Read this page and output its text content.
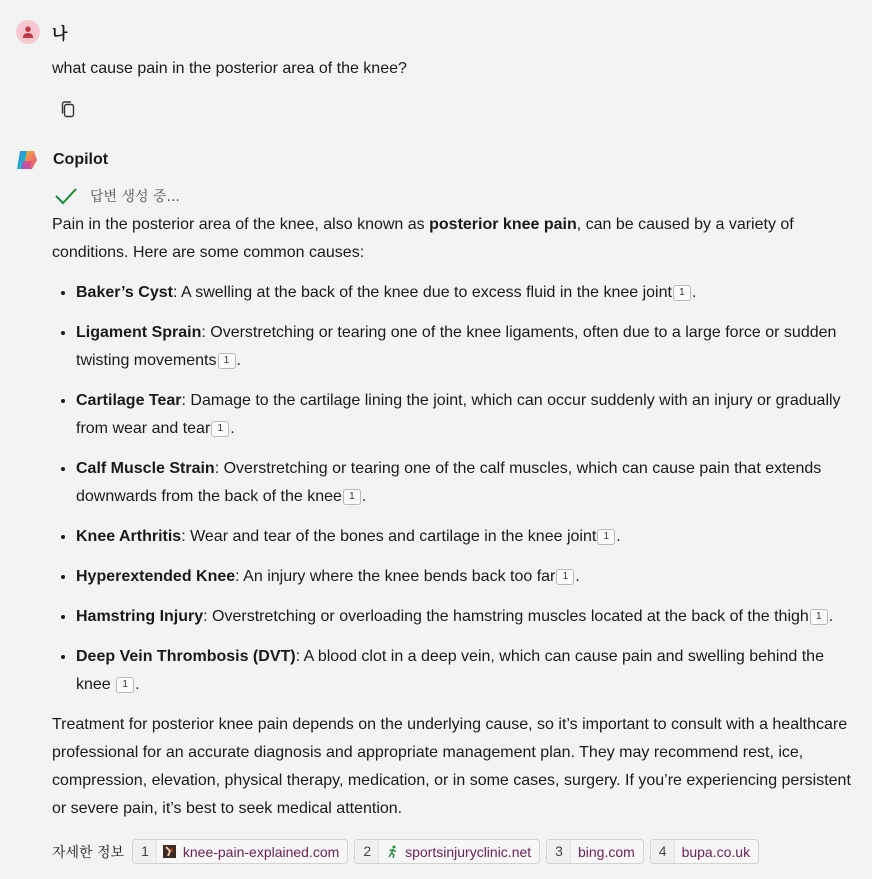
나
what cause pain in the posterior area of the knee?
Copilot
답변 생성 중...

Pain in the posterior area of the knee, also known as posterior knee pain, can be caused by a variety of conditions. Here are some common causes:

• Baker’s Cyst: A swelling at the back of the knee due to excess fluid in the knee joint 1 .
• Ligament Sprain: Overstretching or tearing one of the knee ligaments, often due to a large force or sudden twisting movements 1 .
• Cartilage Tear: Damage to the cartilage lining the joint, which can occur suddenly with an injury or gradually from wear and tear 1 .
• Calf Muscle Strain: Overstretching or tearing one of the calf muscles, which can cause pain that extends downwards from the back of the knee 1 .
• Knee Arthritis: Wear and tear of the bones and cartilage in the knee joint 1 .
• Hyperextended Knee: An injury where the knee bends back too far 1 .
• Hamstring Injury: Overstretching or overloading the hamstring muscles located at the back of the thigh 1 .
• Deep Vein Thrombosis (DVT): A blood clot in a deep vein, which can cause pain and swelling behind the knee 1 .

Treatment for posterior knee pain depends on the underlying cause, so it’s important to consult with a healthcare professional for an accurate diagnosis and appropriate management plan. They may recommend rest, ice, compression, elevation, physical therapy, medication, or in some cases, surgery. If you’re experiencing persistent or severe pain, it’s best to seek medical attention.

자세한 정보	1	knee-pain-explained.com	2	sportsinjuryclinic.net	3	bing.com	4	bupa.co.uk
